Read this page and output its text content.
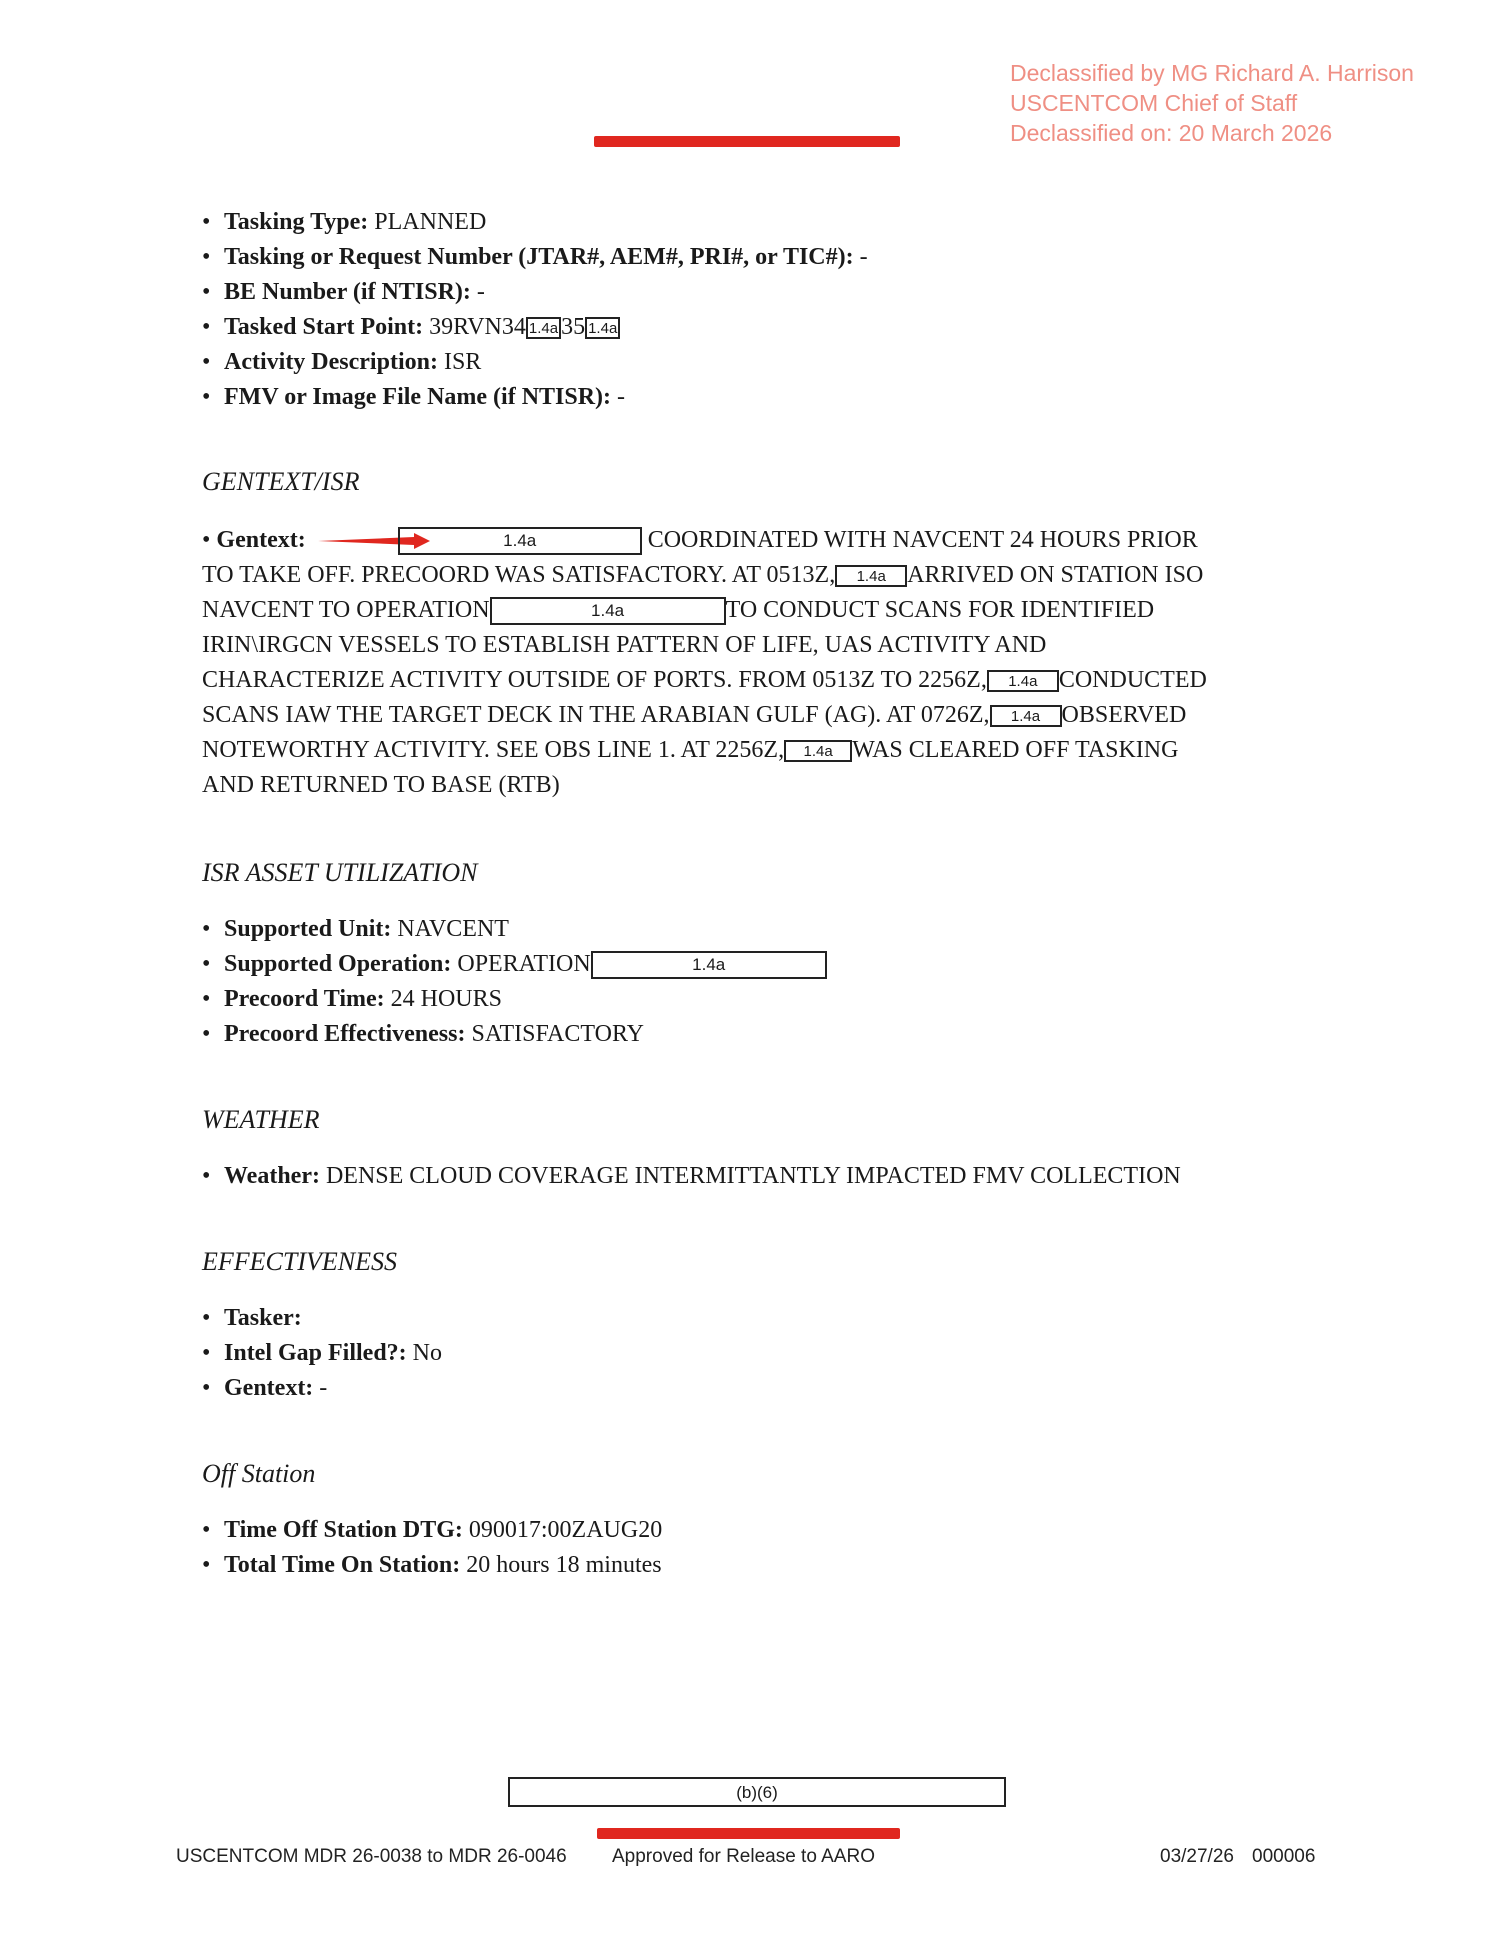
Declassified by MG Richard A. Harrison
USCENTCOM Chief of Staff
Declassified on: 20 March 2026
• Tasking Type: PLANNED
• Tasking or Request Number (JTAR#, AEM#, PRI#, or TIC#): -
• BE Number (if NTISR): -
• Tasked Start Point: 39RVN34 1.4a 35 1.4a
• Activity Description: ISR
• FMV or Image File Name (if NTISR): -
GENTEXT/ISR
• Gentext:	1.4a	COORDINATED WITH NAVCENT 24 HOURS PRIOR
TO TAKE OFF. PRECOORD WAS SATISFACTORY. AT 0513Z, 1.4a ARRIVED ON STATION ISO
NAVCENT TO OPERATION	1.4a	TO CONDUCT SCANS FOR IDENTIFIED
IRIN\IRGCN VESSELS TO ESTABLISH PATTERN OF LIFE, UAS ACTIVITY AND
CHARACTERIZE ACTIVITY OUTSIDE OF PORTS. FROM 0513Z TO 2256Z, 1.4a CONDUCTED
SCANS IAW THE TARGET DECK IN THE ARABIAN GULF (AG). AT 0726Z, 1.4a OBSERVED
NOTEWORTHY ACTIVITY. SEE OBS LINE 1. AT 2256Z, 1.4a WAS CLEARED OFF TASKING
AND RETURNED TO BASE (RTB)
ISR ASSET UTILIZATION
• Supported Unit: NAVCENT
• Supported Operation: OPERATION	1.4a
• Precoord Time: 24 HOURS
• Precoord Effectiveness: SATISFACTORY
WEATHER
• Weather: DENSE CLOUD COVERAGE INTERMITTANTLY IMPACTED FMV COLLECTION
EFFECTIVENESS
• Tasker:
• Intel Gap Filled?: No
• Gentext: -
Off Station
• Time Off Station DTG: 090017:00ZAUG20
• Total Time On Station: 20 hours 18 minutes
(b)(6)
USCENTCOM MDR 26-0038 to MDR 26-0046 Approved for Release to AARO	03/27/26 000006
